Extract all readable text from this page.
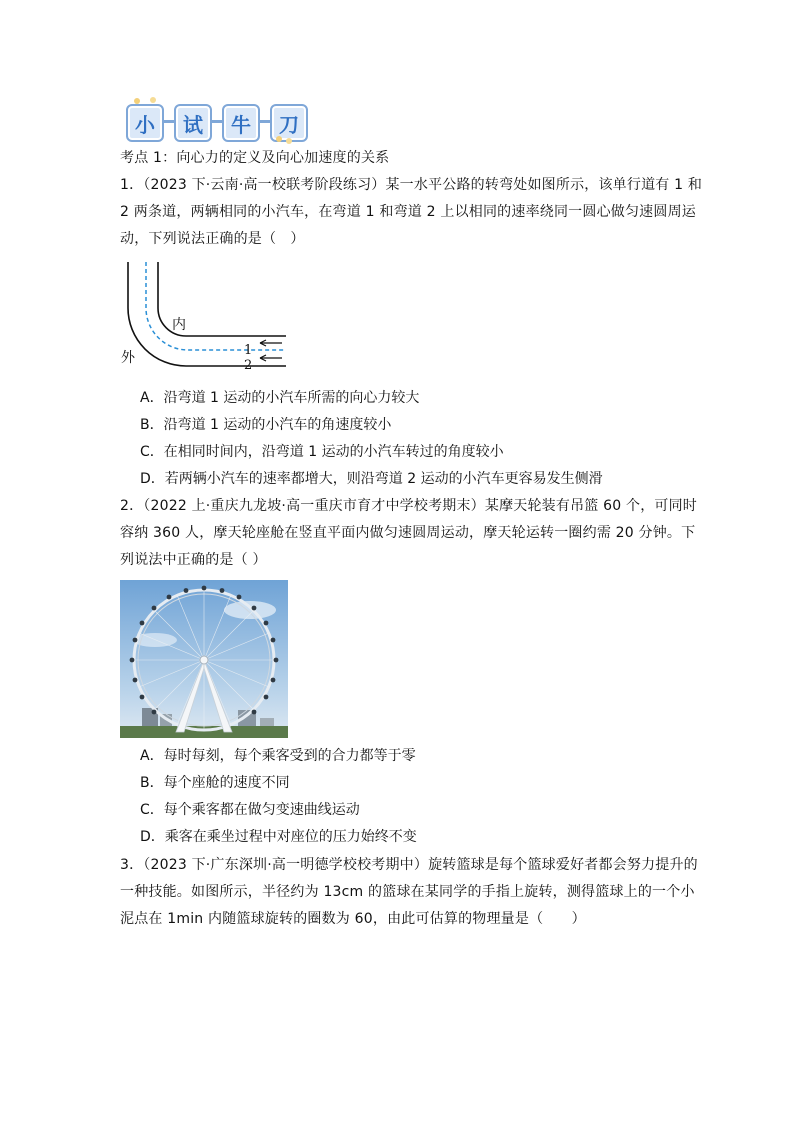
小	试	牛	刀
考点 1：向心力的定义及向心加速度的关系
1．（2023 下·云南·高一校联考阶段练习）某一水平公路的转弯处如图所示，该单行道有 1 和
2 两条道，两辆相同的小汽车，在弯道 1 和弯道 2 上以相同的速率绕同一圆心做匀速圆周运
动，下列说法正确的是（　）
内
外	1
2
A．沿弯道 1 运动的小汽车所需的向心力较大
B．沿弯道 1 运动的小汽车的角速度较小
C．在相同时间内，沿弯道 1 运动的小汽车转过的角度较小
D．若两辆小汽车的速率都增大，则沿弯道 2 运动的小汽车更容易发生侧滑
2．（2022 上·重庆九龙坡·高一重庆市育才中学校考期末）某摩天轮装有吊篮 60 个，可同时
容纳 360 人，摩天轮座舱在竖直平面内做匀速圆周运动，摩天轮运转一圈约需 20 分钟。下
列说法中正确的是（ ）
A．每时每刻，每个乘客受到的合力都等于零
B．每个座舱的速度不同
C．每个乘客都在做匀变速曲线运动
D．乘客在乘坐过程中对座位的压力始终不变
3．（2023 下·广东深圳·高一明德学校校考期中）旋转篮球是每个篮球爱好者都会努力提升的
一种技能。如图所示，半径约为 13cm 的篮球在某同学的手指上旋转，测得篮球上的一个小
泥点在 1min 内随篮球旋转的圈数为 60，由此可估算的物理量是（　　）
